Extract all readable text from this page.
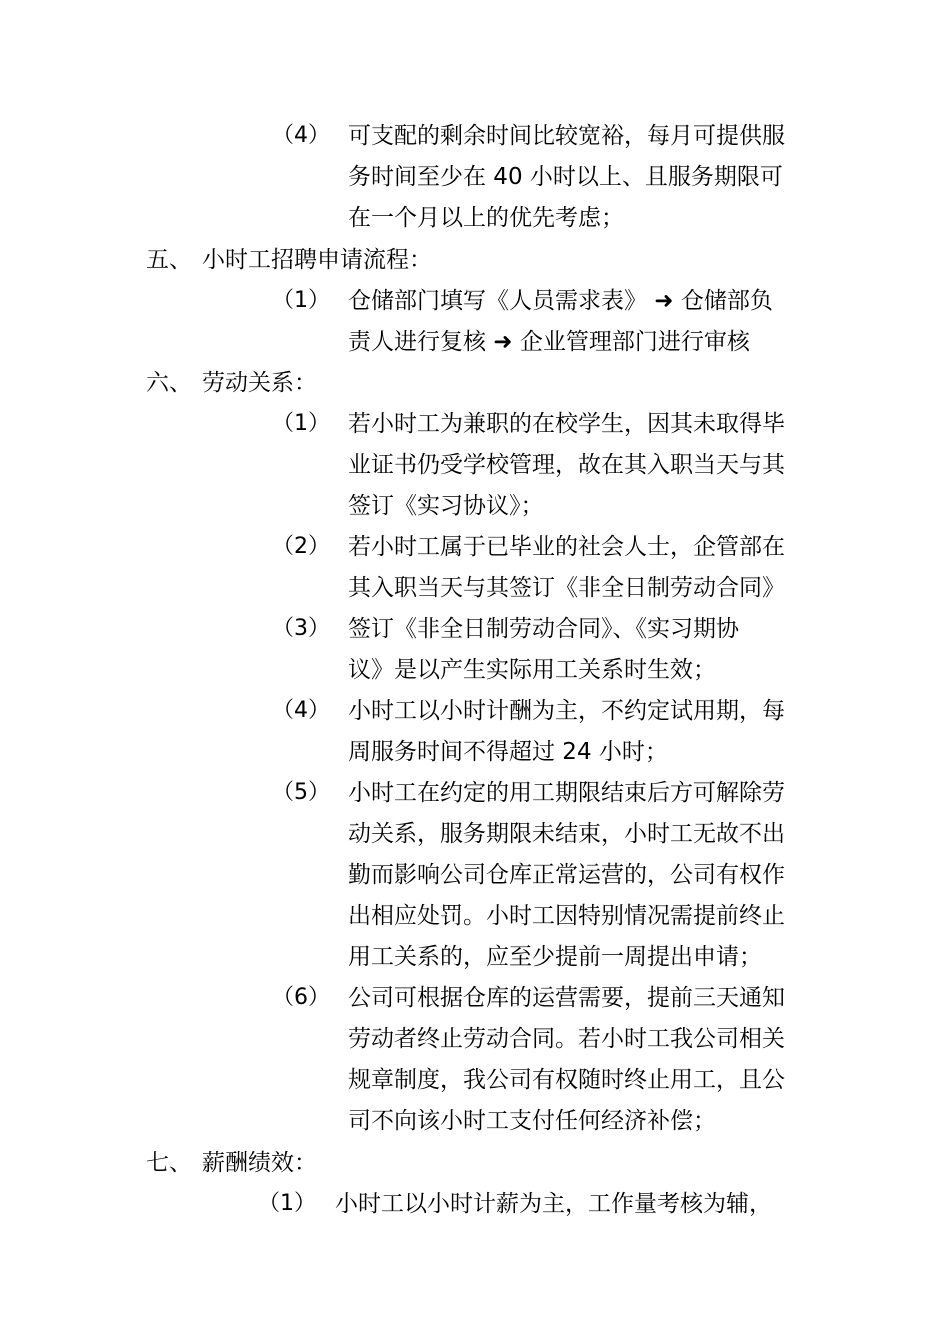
（4） 可支配的剩余时间比较宽裕，每月可提供服
务时间至少在 40 小时以上、且服务期限可
在一个月以上的优先考虑；
五、 小时工招聘申请流程：
（1） 仓储部门填写《人员需求表》 ➜ 仓储部负
责人进行复核 ➜ 企业管理部门进行审核
六、 劳动关系：
（1） 若小时工为兼职的在校学生，因其未取得毕
业证书仍受学校管理，故在其入职当天与其
签订《实习协议》；
（2） 若小时工属于已毕业的社会人士，企管部在
其入职当天与其签订《非全日制劳动合同》
（3） 签订《非全日制劳动合同》、《实习期协
议》是以产生实际用工关系时生效；
（4） 小时工以小时计酬为主，不约定试用期，每
周服务时间不得超过 24 小时；
（5） 小时工在约定的用工期限结束后方可解除劳
动关系，服务期限未结束，小时工无故不出
勤而影响公司仓库正常运营的，公司有权作
出相应处罚。小时工因特别情况需提前终止
用工关系的，应至少提前一周提出申请；
（6） 公司可根据仓库的运营需要，提前三天通知
劳动者终止劳动合同。若小时工我公司相关
规章制度，我公司有权随时终止用工，且公
司不向该小时工支付任何经济补偿；
七、 薪酬绩效：
（1） 小时工以小时计薪为主，工作量考核为辅，
